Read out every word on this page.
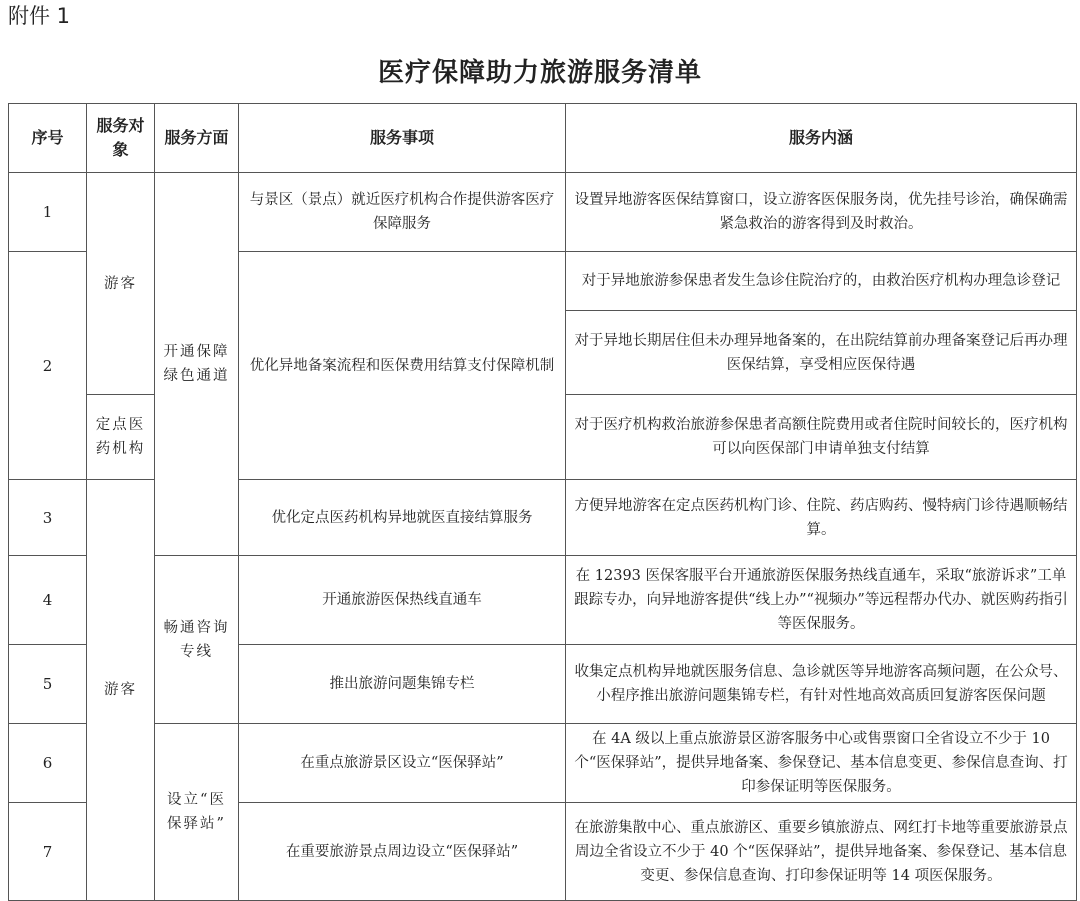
附件 1
医疗保障助力旅游服务清单
序号	服务对象	服务方面	服务事项	服务内涵
1	游客	开通保障绿色通道	与景区（景点）就近医疗机构合作提供游客医疗保障服务	设置异地游客医保结算窗口，设立游客医保服务岗，优先挂号诊治，确保确需紧急救治的游客得到及时救治。
2			优化异地备案流程和医保费用结算支付保障机制	对于异地旅游参保患者发生急诊住院治疗的，由救治医疗机构办理急诊登记
				对于异地长期居住但未办理异地备案的，在出院结算前办理备案登记后再办理医保结算，享受相应医保待遇
	定点医药机构			对于医疗机构救治旅游参保患者高额住院费用或者住院时间较长的，医疗机构可以向医保部门申请单独支付结算
3	游客		优化定点医药机构异地就医直接结算服务	方便异地游客在定点医药机构门诊、住院、药店购药、慢特病门诊待遇顺畅结算。
4		畅通咨询专线	开通旅游医保热线直通车	在 12393 医保客服平台开通旅游医保服务热线直通车，采取“旅游诉求”工单跟踪专办，向异地游客提供“线上办”“视频办”等远程帮办代办、就医购药指引等医保服务。
5			推出旅游问题集锦专栏	收集定点机构异地就医服务信息、急诊就医等异地游客高频问题，在公众号、小程序推出旅游问题集锦专栏，有针对性地高效高质回复游客医保问题
6		设立“医保驿站”	在重点旅游景区设立“医保驿站”	在 4A 级以上重点旅游景区游客服务中心或售票窗口全省设立不少于 10 个“医保驿站”，提供异地备案、参保登记、基本信息变更、参保信息查询、打印参保证明等医保服务。
7			在重要旅游景点周边设立“医保驿站”	在旅游集散中心、重点旅游区、重要乡镇旅游点、网红打卡地等重要旅游景点周边全省设立不少于 40 个“医保驿站”，提供异地备案、参保登记、基本信息变更、参保信息查询、打印参保证明等 14 项医保服务。
